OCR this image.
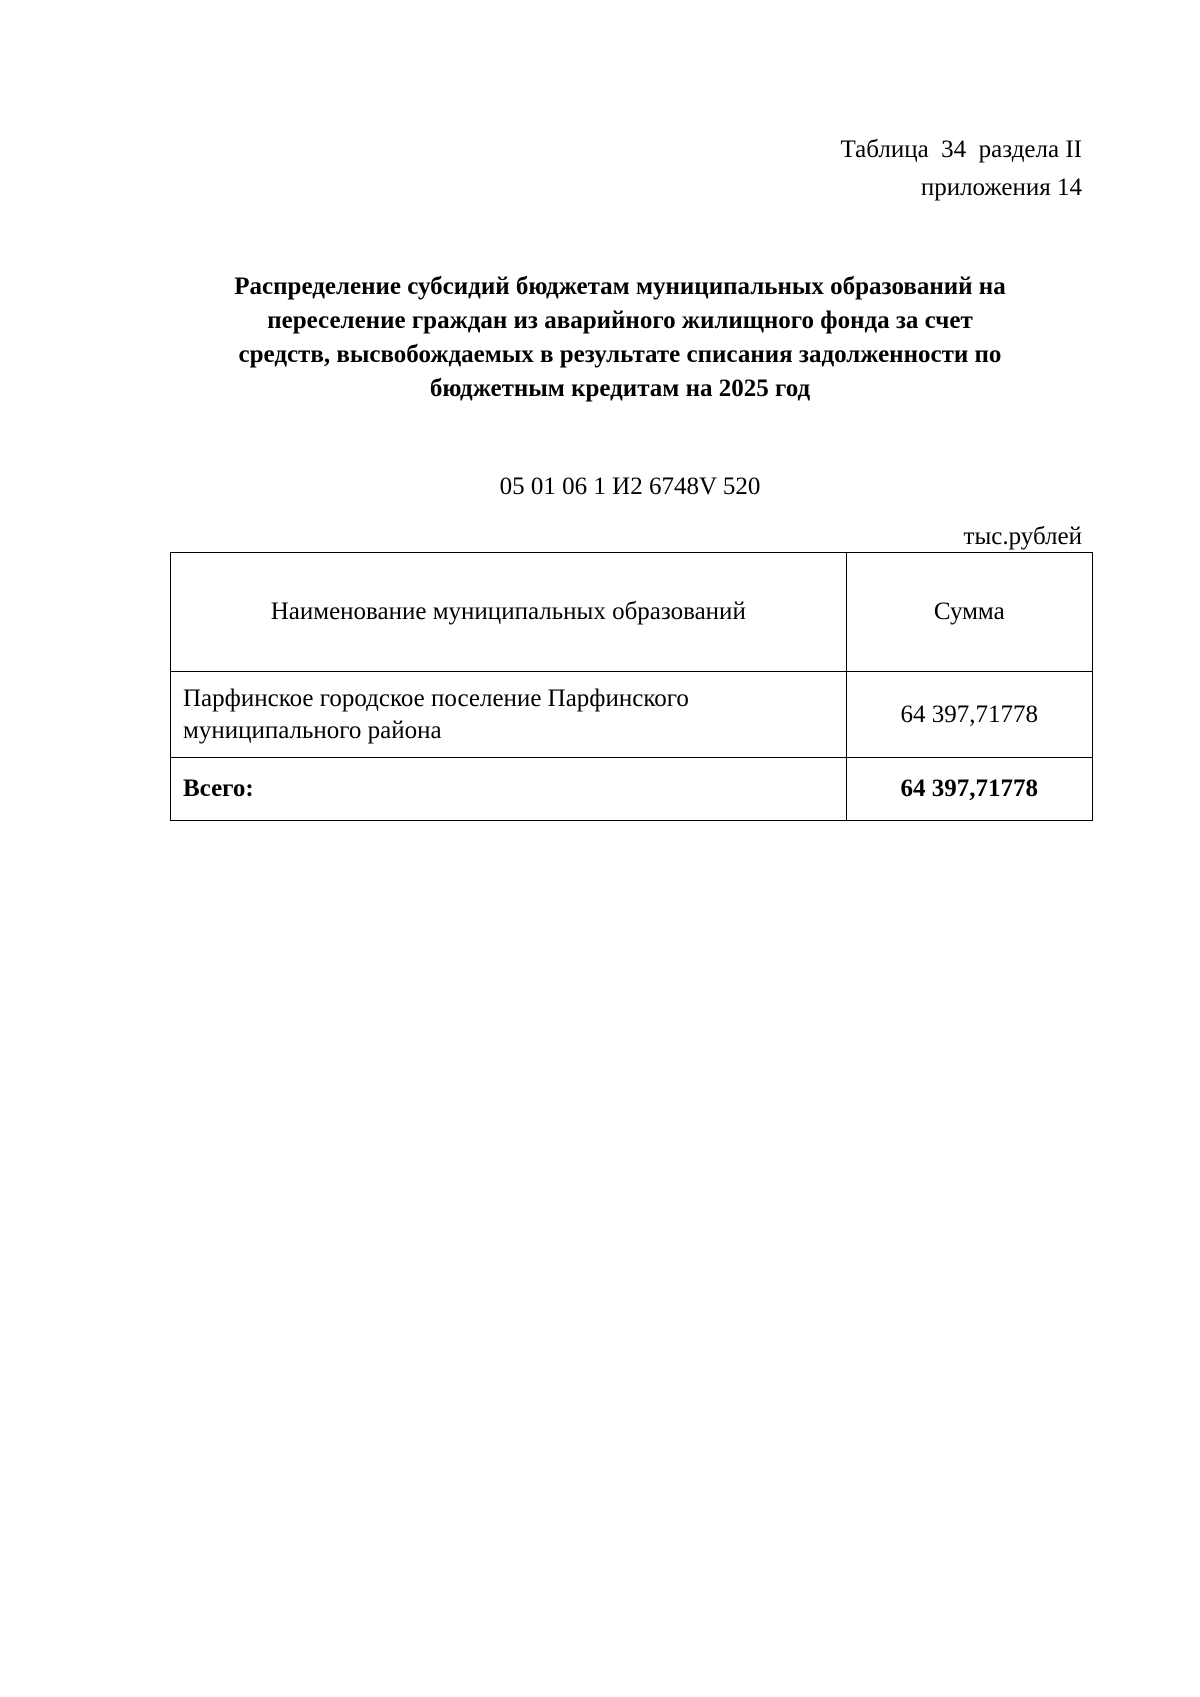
Таблица  34  раздела II
приложения 14
Распределение субсидий бюджетам муниципальных образований на
переселение граждан из аварийного жилищного фонда за счет
средств, высвобождаемых в результате списания задолженности по
бюджетным кредитам на 2025 год
05 01 06 1 И2 6748V 520
тыс.рублей
Наименование муниципальных образований	Сумма

Парфинское городское поселение Парфинского
муниципального района	64 397,71778
Всего:	64 397,71778
